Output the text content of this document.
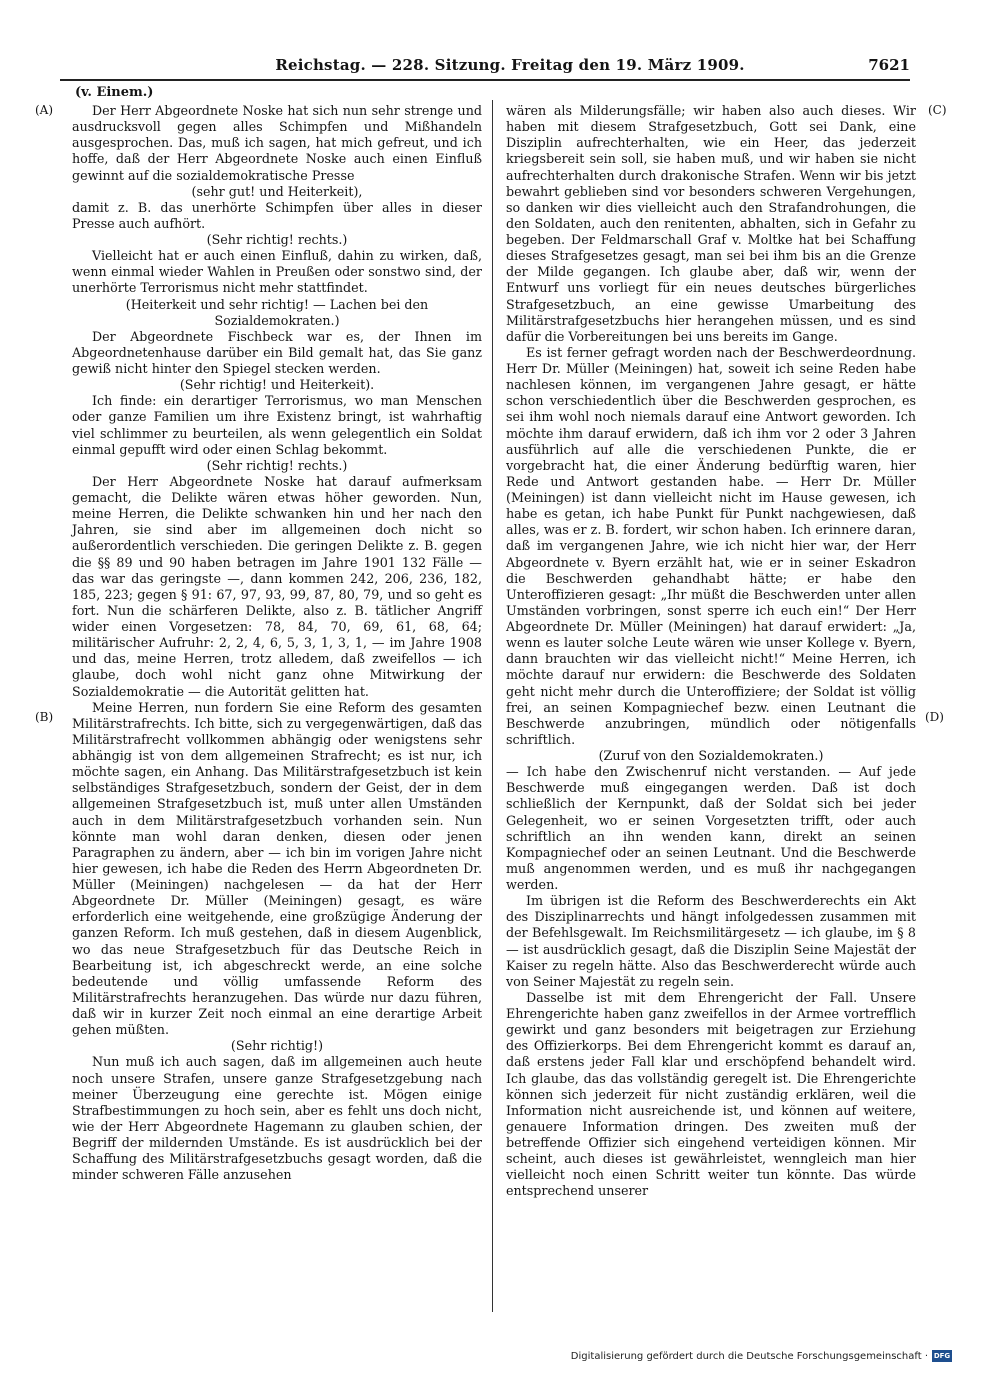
Reichstag. — 228. Sitzung. Freitag den 19. März 1909.	7621
(v. Einem.)
(A)
(B)
(C)
(D)

Der Herr Abgeordnete Noske hat sich nun sehr strenge und ausdrucksvoll gegen alles Schimpfen und Mißhandeln ausgesprochen. Das, muß ich sagen, hat mich gefreut, und ich hoffe, daß der Herr Abgeordnete Noske auch einen Einfluß gewinnt auf die sozialdemokratische Presse

(sehr gut! und Heiterkeit),

damit z. B. das unerhörte Schimpfen über alles in dieser Presse auch aufhört.

(Sehr richtig! rechts.)

Vielleicht hat er auch einen Einfluß, dahin zu wirken, daß, wenn einmal wieder Wahlen in Preußen oder sonstwo sind, der unerhörte Terrorismus nicht mehr stattfindet.

(Heiterkeit und sehr richtig! — Lachen bei den Sozialdemokraten.)

Der Abgeordnete Fischbeck war es, der Ihnen im Abgeordnetenhause darüber ein Bild gemalt hat, das Sie ganz gewiß nicht hinter den Spiegel stecken werden.

(Sehr richtig! und Heiterkeit).

Ich finde: ein derartiger Terrorismus, wo man Menschen oder ganze Familien um ihre Existenz bringt, ist wahrhaftig viel schlimmer zu beurteilen, als wenn gelegentlich ein Soldat einmal gepufft wird oder einen Schlag bekommt.

(Sehr richtig! rechts.)

Der Herr Abgeordnete Noske hat darauf aufmerksam gemacht, die Delikte wären etwas höher geworden. Nun, meine Herren, die Delikte schwanken hin und her nach den Jahren, sie sind aber im allgemeinen doch nicht so außerordentlich verschieden. Die geringen Delikte z. B. gegen die §§ 89 und 90 haben betragen im Jahre 1901 132 Fälle — das war das geringste —, dann kommen 242, 206, 236, 182, 185, 223; gegen § 91: 67, 97, 93, 99, 87, 80, 79, und so geht es fort. Nun die schärferen Delikte, also z. B. tätlicher Angriff wider einen Vorgesetzen: 78, 84, 70, 69, 61, 68, 64; militärischer Aufruhr: 2, 2, 4, 6, 5, 3, 1, 3, 1, — im Jahre 1908 und das, meine Herren, trotz alledem, daß zweifellos — ich glaube, doch wohl nicht ganz ohne Mitwirkung der Sozialdemokratie — die Autorität gelitten hat.

Meine Herren, nun fordern Sie eine Reform des gesamten Militärstrafrechts. Ich bitte, sich zu vergegenwärtigen, daß das Militärstrafrecht vollkommen abhängig oder wenigstens sehr abhängig ist von dem allgemeinen Strafrecht; es ist nur, ich möchte sagen, ein Anhang. Das Militärstrafgesetzbuch ist kein selbständiges Strafgesetzbuch, sondern der Geist, der in dem allgemeinen Strafgesetzbuch ist, muß unter allen Umständen auch in dem Militärstrafgesetzbuch vorhanden sein. Nun könnte man wohl daran denken, diesen oder jenen Paragraphen zu ändern, aber — ich bin im vorigen Jahre nicht hier gewesen, ich habe die Reden des Herrn Abgeordneten Dr. Müller (Meiningen) nachgelesen — da hat der Herr Abgeordnete Dr. Müller (Meiningen) gesagt, es wäre erforderlich eine weitgehende, eine großzügige Änderung der ganzen Reform. Ich muß gestehen, daß in diesem Augenblick, wo das neue Strafgesetzbuch für das Deutsche Reich in Bearbeitung ist, ich abgeschreckt werde, an eine solche bedeutende und völlig umfassende Reform des Militärstrafrechts heranzugehen. Das würde nur dazu führen, daß wir in kurzer Zeit noch einmal an eine derartige Arbeit gehen müßten.

(Sehr richtig!)

Nun muß ich auch sagen, daß im allgemeinen auch heute noch unsere Strafen, unsere ganze Strafgesetzgebung nach meiner Überzeugung eine gerechte ist. Mögen einige Strafbestimmungen zu hoch sein, aber es fehlt uns doch nicht, wie der Herr Abgeordnete Hagemann zu glauben schien, der Begriff der mildernden Umstände. Es ist ausdrücklich bei der Schaffung des Militärstrafgesetzbuchs gesagt worden, daß die minder schweren Fälle anzusehen

wären als Milderungsfälle; wir haben also auch dieses. Wir haben mit diesem Strafgesetzbuch, Gott sei Dank, eine Disziplin aufrechterhalten, wie ein Heer, das jederzeit kriegsbereit sein soll, sie haben muß, und wir haben sie nicht aufrechterhalten durch drakonische Strafen. Wenn wir bis jetzt bewahrt geblieben sind vor besonders schweren Vergehungen, so danken wir dies vielleicht auch den Strafandrohungen, die den Soldaten, auch den renitenten, abhalten, sich in Gefahr zu begeben. Der Feldmarschall Graf v. Moltke hat bei Schaffung dieses Strafgesetzes gesagt, man sei bei ihm bis an die Grenze der Milde gegangen. Ich glaube aber, daß wir, wenn der Entwurf uns vorliegt für ein neues deutsches bürgerliches Strafgesetzbuch, an eine gewisse Umarbeitung des Militärstrafgesetzbuchs hier herangehen müssen, und es sind dafür die Vorbereitungen bei uns bereits im Gange.

Es ist ferner gefragt worden nach der Beschwerdeordnung. Herr Dr. Müller (Meiningen) hat, soweit ich seine Reden habe nachlesen können, im vergangenen Jahre gesagt, er hätte schon verschiedentlich über die Beschwerden gesprochen, es sei ihm wohl noch niemals darauf eine Antwort geworden. Ich möchte ihm darauf erwidern, daß ich ihm vor 2 oder 3 Jahren ausführlich auf alle die verschiedenen Punkte, die er vorgebracht hat, die einer Änderung bedürftig waren, hier Rede und Antwort gestanden habe. — Herr Dr. Müller (Meiningen) ist dann vielleicht nicht im Hause gewesen, ich habe es getan, ich habe Punkt für Punkt nachgewiesen, daß alles, was er z. B. fordert, wir schon haben. Ich erinnere daran, daß im vergangenen Jahre, wie ich nicht hier war, der Herr Abgeordnete v. Byern erzählt hat, wie er in seiner Eskadron die Beschwerden gehandhabt hätte; er habe den Unteroffizieren gesagt: „Ihr müßt die Beschwerden unter allen Umständen vorbringen, sonst sperre ich euch ein!“ Der Herr Abgeordnete Dr. Müller (Meiningen) hat darauf erwidert: „Ja, wenn es lauter solche Leute wären wie unser Kollege v. Byern, dann brauchten wir das vielleicht nicht!“ Meine Herren, ich möchte darauf nur erwidern: die Beschwerde des Soldaten geht nicht mehr durch die Unteroffiziere; der Soldat ist völlig frei, an seinen Kompagniechef bezw. einen Leutnant die Beschwerde anzubringen, mündlich oder nötigenfalls schriftlich.

(Zuruf von den Sozialdemokraten.)

— Ich habe den Zwischenruf nicht verstanden. — Auf jede Beschwerde muß eingegangen werden. Daß ist doch schließlich der Kernpunkt, daß der Soldat sich bei jeder Gelegenheit, wo er seinen Vorgesetzten trifft, oder auch schriftlich an ihn wenden kann, direkt an seinen Kompagniechef oder an seinen Leutnant. Und die Beschwerde muß angenommen werden, und es muß ihr nachgegangen werden.

Im übrigen ist die Reform des Beschwerderechts ein Akt des Disziplinarrechts und hängt infolgedessen zusammen mit der Befehlsgewalt. Im Reichsmilitärgesetz — ich glaube, im § 8 — ist ausdrücklich gesagt, daß die Disziplin Seine Majestät der Kaiser zu regeln hätte. Also das Beschwerderecht würde auch von Seiner Majestät zu regeln sein.

Dasselbe ist mit dem Ehrengericht der Fall. Unsere Ehrengerichte haben ganz zweifellos in der Armee vortrefflich gewirkt und ganz besonders mit beigetragen zur Erziehung des Offizierkorps. Bei dem Ehrengericht kommt es darauf an, daß erstens jeder Fall klar und erschöpfend behandelt wird. Ich glaube, das das vollständig geregelt ist. Die Ehrengerichte können sich jederzeit für nicht zuständig erklären, weil die Information nicht ausreichende ist, und können auf weitere, genauere Information dringen. Des zweiten muß der betreffende Offizier sich eingehend verteidigen können. Mir scheint, auch dieses ist gewährleistet, wenngleich man hier vielleicht noch einen Schritt weiter tun könnte. Das würde entsprechend unserer

Digitalisierung gefördert durch die Deutsche Forschungsgemeinschaft · DFG
